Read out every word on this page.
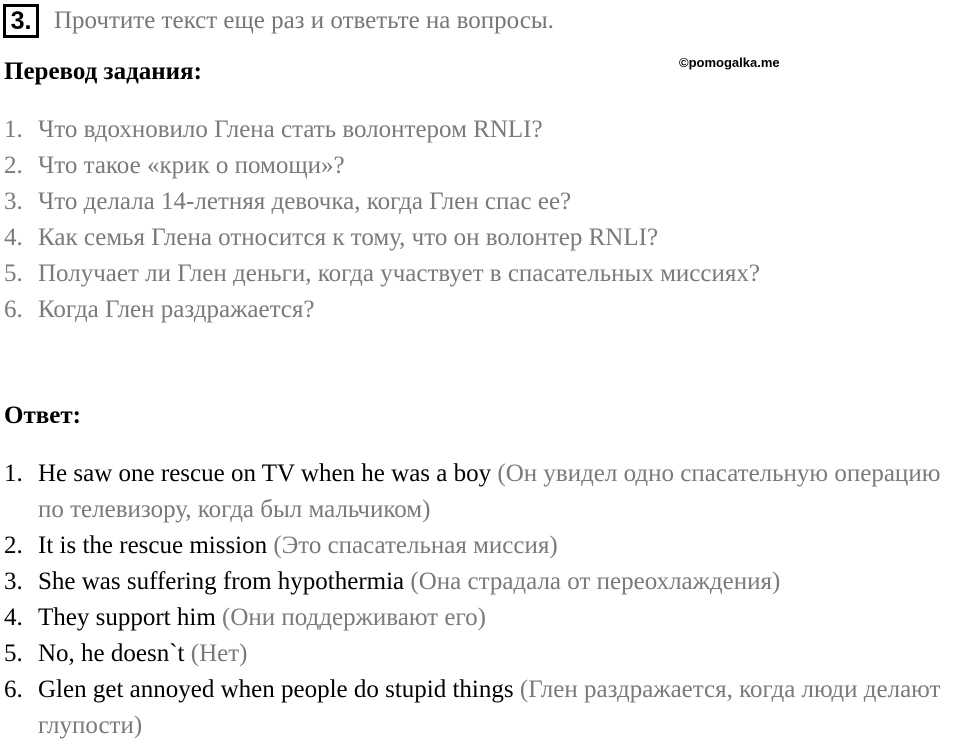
3. Прочтите текст еще раз и ответьте на вопросы.
Перевод задания:	©pomogalka.me
1. Что вдохновило Глена стать волонтером RNLI?
2. Что такое «крик о помощи»?
3. Что делала 14-летняя девочка, когда Глен спас ее?
4. Как семья Глена относится к тому, что он волонтер RNLI?
5. Получает ли Глен деньги, когда участвует в спасательных миссиях?
6. Когда Глен раздражается?
Ответ:
1. He saw one rescue on TV when he was a boy (Он увидел одно спасательную операцию по телевизору, когда был мальчиком)
2. It is the rescue mission (Это спасательная миссия)
3. She was suffering from hypothermia (Она страдала от переохлаждения)
4. They support him (Они поддерживают его)
5. No, he doesn`t (Нет)
6. Glen get annoyed when people do stupid things (Глен раздражается, когда люди делают глупости)
